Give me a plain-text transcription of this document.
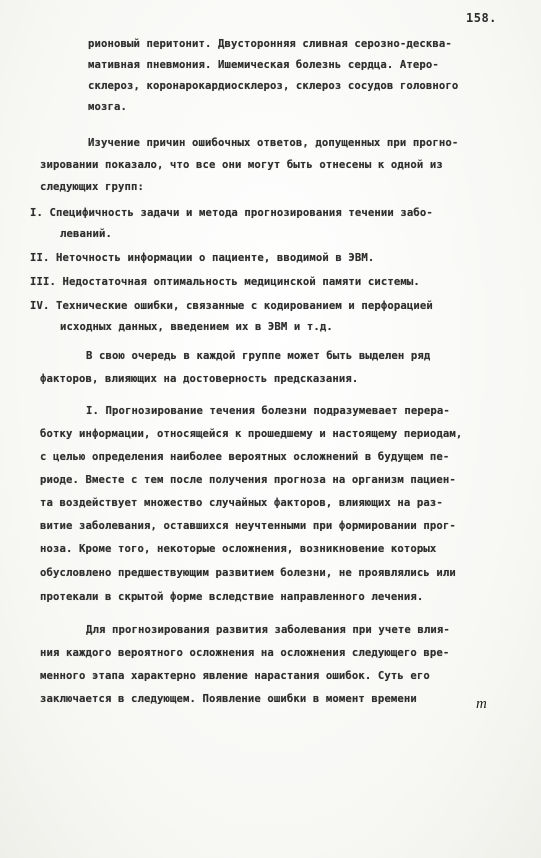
158.
рионовый перитонит. Двусторонняя сливная серозно-десква-
мативная пневмония. Ишемическая болезнь сердца. Атеро-
склероз, коронарокардиосклероз, склероз сосудов головного
мозга.
Изучение причин ошибочных ответов, допущенных при прогно-
зировании показало, что все они могут быть отнесены к одной из
следующих групп:
I. Специфичность задачи и метода прогнозирования течении забо-
леваний.
II. Неточность информации о пациенте, вводимой в ЭВМ.
III. Недостаточная оптимальность медицинской памяти системы.
IV. Технические ошибки, связанные с кодированием и перфорацией
исходных данных, введением их в ЭВМ и т.д.
В свою очередь в каждой группе может быть выделен ряд
факторов, влияющих на достоверность предсказания.
I. Прогнозирование течения болезни подразумевает перера-
ботку информации, относящейся к прошедшему и настоящему периодам,
с целью определения наиболее вероятных осложнений в будущем пе-
риоде. Вместе с тем после получения прогноза на организм пациен-
та воздействует множество случайных факторов, влияющих на раз-
витие заболевания, оставшихся неучтенными при формировании прог-
ноза. Кроме того, некоторые осложнения, возникновение которых
обусловлено предшествующим развитием болезни, не проявлялись или
протекали в скрытой форме вследствие направленного лечения.
Для прогнозирования развития заболевания при учете влия-
ния каждого вероятного осложнения на осложнения следующего вре-
менного этапа характерно явление нарастания ошибок. Суть его
заключается в следующем. Появление ошибки в момент времени	m
